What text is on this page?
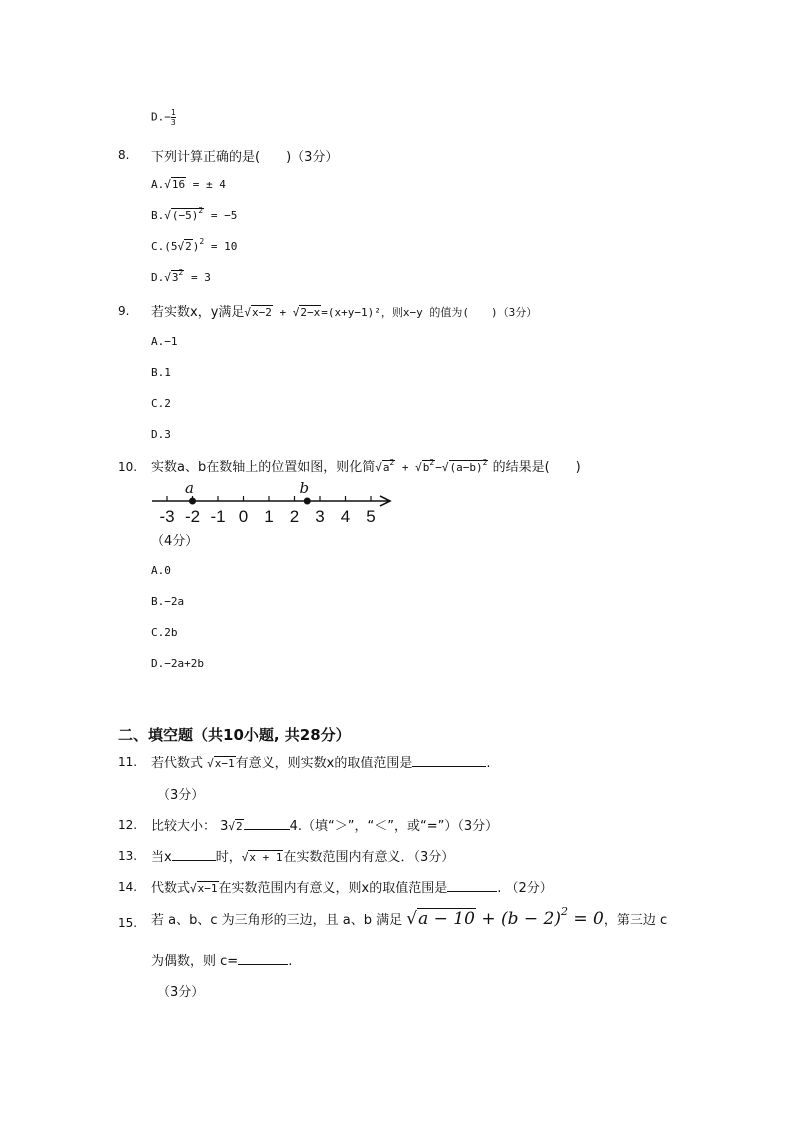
$D.- \frac{1}{3}$
8. 下列计算正确的是(　　)（3分）
A.√16 = ± 4
$B.√(-5)^2 = -5$
$C.(5√2)^2 = 10$
$D.√3^2 = 3$
9. 若实数x，y满足√x−2 + √2−x=(x+y−1)²，则x−y 的值为(　　)（3分）
A.−1
B.1
C.2
D.3
10. 实数a、b在数轴上的位置如图，则化简$√a^2 + √b^2-√(a-b)^2$ 的结果是(　　)
-3 -2 -1 0 1 2 3 4 5
a	b
（4分）
A.0
B.−2a
C.2b
D.−2a+2b
二、填空题（共10小题, 共28分）
11. 若代数式 √x−1有意义，则实数x的取值范围是	.
（3分）
12. 比较大小： 3√2	4.（填“＞”，“＜”，或“=”）（3分）
13. 当x	时，√x + 1在实数范围内有意义．（3分）
14. 代数式√x−1在实数范围内有意义，则x的取值范围是	. （2分）
15. 若 a、b、c 为三角形的三边，且 a、b 满足 $√a - 10 + (b - 2)^2 = 0$，第三边 c
为偶数，则 c=	.
（3分）
